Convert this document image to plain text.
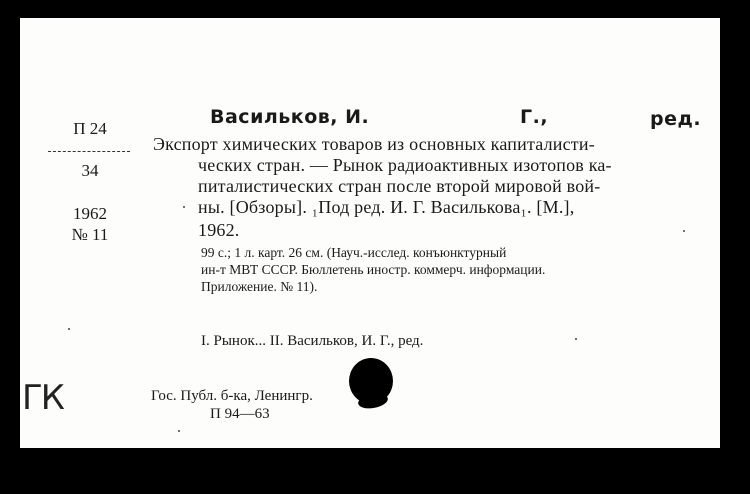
П 24
34
1962
№ 11
Васильков, И.	Г.,	ред.
Экспорт химических товаров из основных капиталисти-
ческих стран. — Рынок радиоактивных изотопов ка-
питалистических стран после второй мировой вой-
ны. [Обзоры]. ₁Под ред. И. Г. Василькова₁. [М.],
1962.
99 с.; 1 л. карт. 26 см. (Науч.-исслед. конъюнктурный
ин-т МВТ СССР. Бюллетень иностр. коммерч. информации.
Приложение. № 11).
I. Рынок... II. Васильков, И. Г., ред.
Гос. Публ. б-ка, Ленингр.
П 94—63
ГК
